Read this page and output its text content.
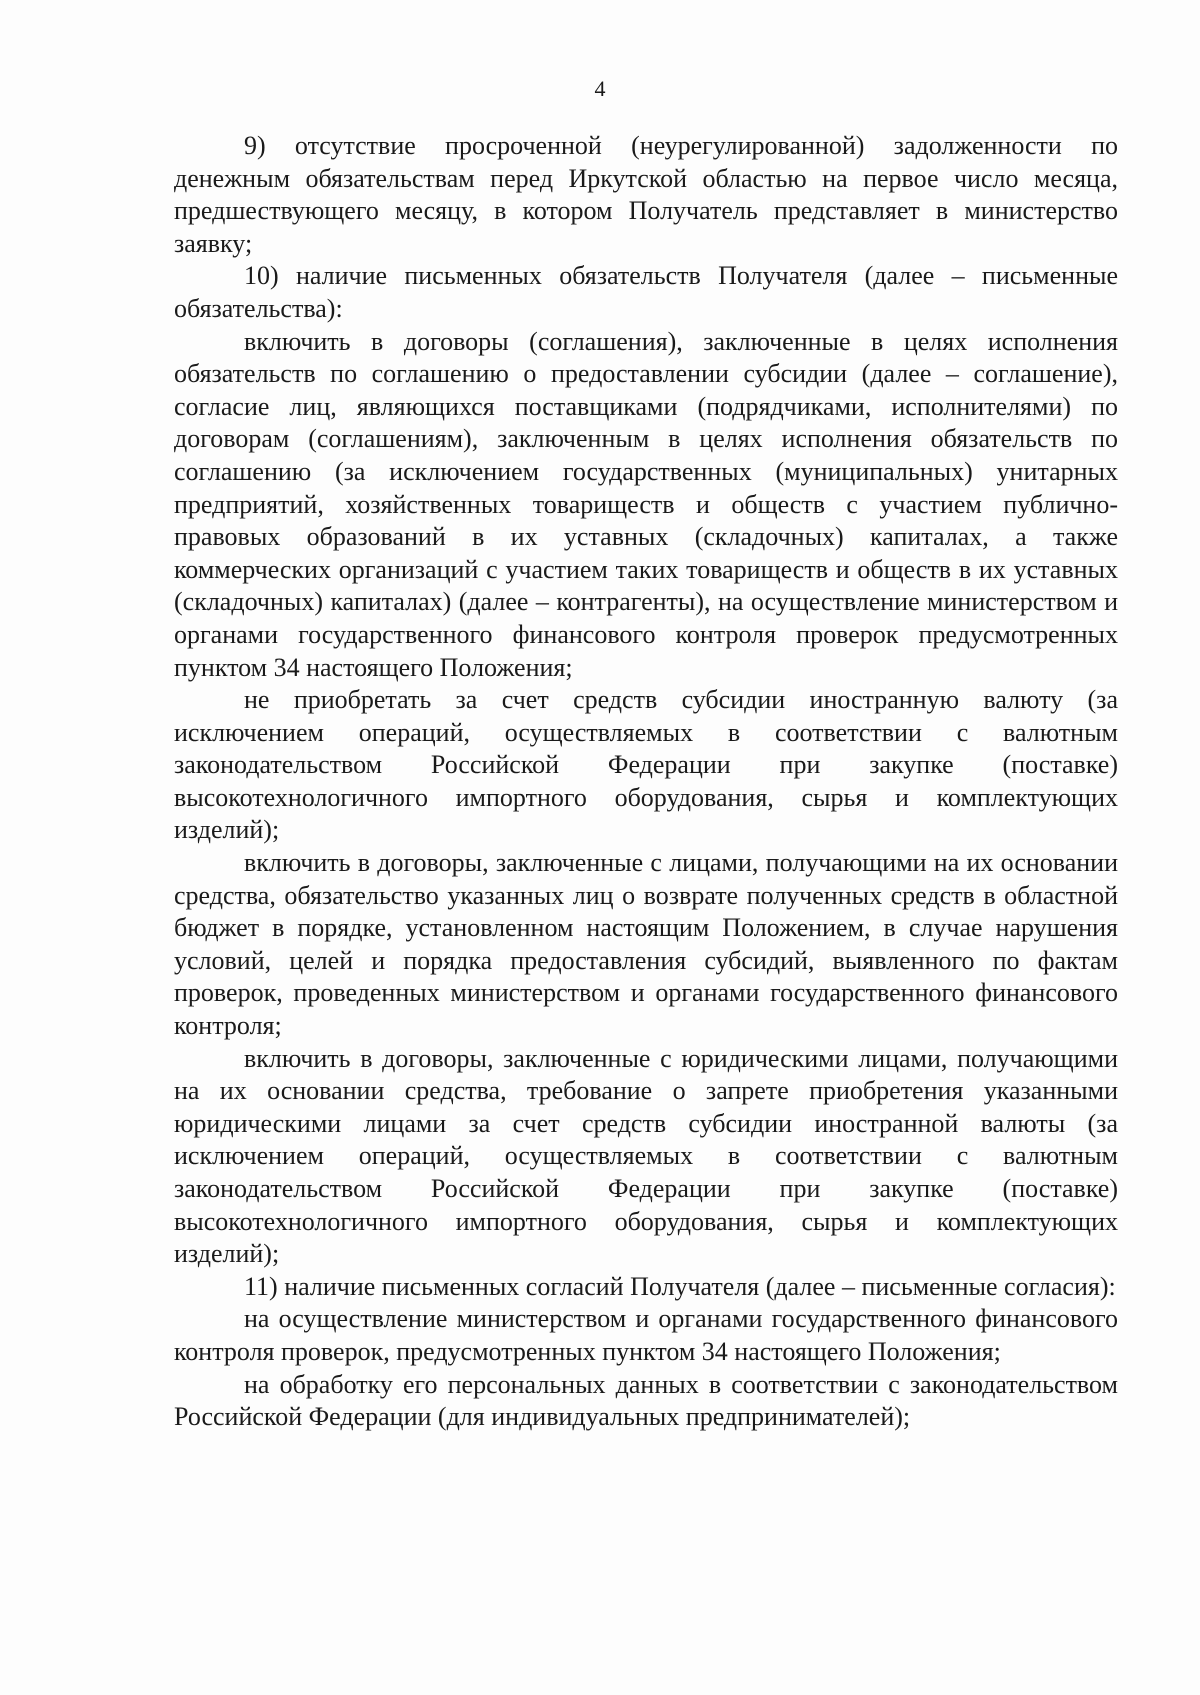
4

9) отсутствие просроченной (неурегулированной) задолженности по денежным обязательствам перед Иркутской областью на первое число месяца, предшествующего месяцу, в котором Получатель представляет в министерство заявку;

10) наличие письменных обязательств Получателя (далее – письменные обязательства):

включить в договоры (соглашения), заключенные в целях исполнения обязательств по соглашению о предоставлении субсидии (далее – соглашение), согласие лиц, являющихся поставщиками (подрядчиками, исполнителями) по договорам (соглашениям), заключенным в целях исполнения обязательств по соглашению (за исключением государственных (муниципальных) унитарных предприятий, хозяйственных товариществ и обществ с участием публично-правовых образований в их уставных (складочных) капиталах, а также коммерческих организаций с участием таких товариществ и обществ в их уставных (складочных) капиталах) (далее – контрагенты), на осуществление министерством и органами государственного финансового контроля проверок предусмотренных пунктом 34 настоящего Положения;

не приобретать за счет средств субсидии иностранную валюту (за исключением операций, осуществляемых в соответствии с валютным законодательством Российской Федерации при закупке (поставке) высокотехнологичного импортного оборудования, сырья и комплектующих изделий);

включить в договоры, заключенные с лицами, получающими на их основании средства, обязательство указанных лиц о возврате полученных средств в областной бюджет в порядке, установленном настоящим Положением, в случае нарушения условий, целей и порядка предоставления субсидий, выявленного по фактам проверок, проведенных министерством и органами государственного финансового контроля;

включить в договоры, заключенные с юридическими лицами, получающими на их основании средства, требование о запрете приобретения указанными юридическими лицами за счет средств субсидии иностранной валюты (за исключением операций, осуществляемых в соответствии с валютным законодательством Российской Федерации при закупке (поставке) высокотехнологичного импортного оборудования, сырья и комплектующих изделий);

11) наличие письменных согласий Получателя (далее – письменные согласия):

на осуществление министерством и органами государственного финансового контроля проверок, предусмотренных пунктом 34 настоящего Положения;

на обработку его персональных данных в соответствии с законодательством Российской Федерации (для индивидуальных предпринимателей);
